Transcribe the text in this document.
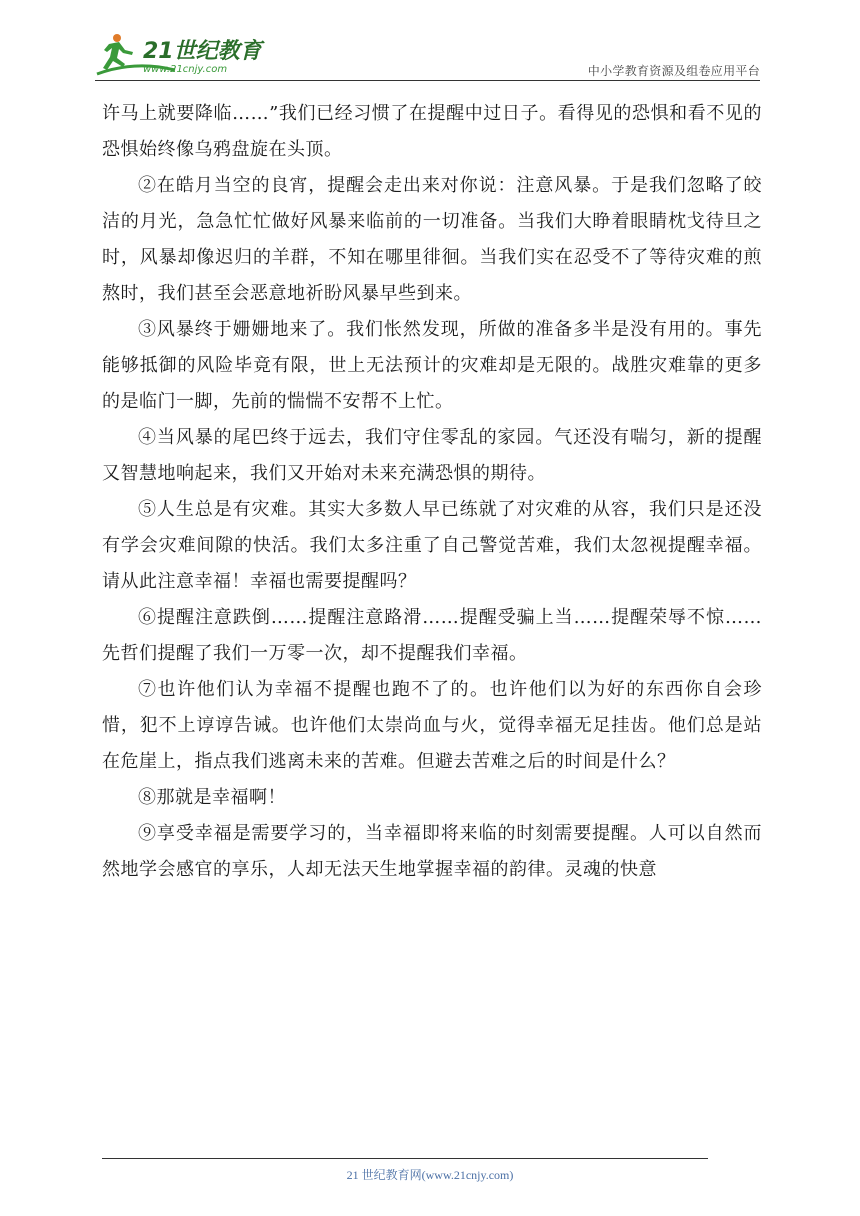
21世纪教育
www.21cnjy.com	中小学教育资源及组卷应用平台

许马上就要降临……”我们已经习惯了在提醒中过日子。看得见的恐惧和看不见的恐惧始终像乌鸦盘旋在头顶。

②在皓月当空的良宵，提醒会走出来对你说：注意风暴。于是我们忽略了皎洁的月光，急急忙忙做好风暴来临前的一切准备。当我们大睁着眼睛枕戈待旦之时，风暴却像迟归的羊群，不知在哪里徘徊。当我们实在忍受不了等待灾难的煎熬时，我们甚至会恶意地祈盼风暴早些到来。

③风暴终于姗姗地来了。我们怅然发现，所做的准备多半是没有用的。事先能够抵御的风险毕竟有限，世上无法预计的灾难却是无限的。战胜灾难靠的更多的是临门一脚，先前的惴惴不安帮不上忙。

④当风暴的尾巴终于远去，我们守住零乱的家园。气还没有喘匀，新的提醒又智慧地响起来，我们又开始对未来充满恐惧的期待。

⑤人生总是有灾难。其实大多数人早已练就了对灾难的从容，我们只是还没有学会灾难间隙的快活。我们太多注重了自己警觉苦难，我们太忽视提醒幸福。请从此注意幸福！幸福也需要提醒吗？

⑥提醒注意跌倒……提醒注意路滑……提醒受骗上当……提醒荣辱不惊……先哲们提醒了我们一万零一次，却不提醒我们幸福。

⑦也许他们认为幸福不提醒也跑不了的。也许他们以为好的东西你自会珍惜，犯不上谆谆告诫。也许他们太崇尚血与火，觉得幸福无足挂齿。他们总是站在危崖上，指点我们逃离未来的苦难。但避去苦难之后的时间是什么？

⑧那就是幸福啊！

⑨享受幸福是需要学习的，当幸福即将来临的时刻需要提醒。人可以自然而然地学会感官的享乐，人却无法天生地掌握幸福的韵律。灵魂的快意

21 世纪教育网(www.21cnjy.com)
